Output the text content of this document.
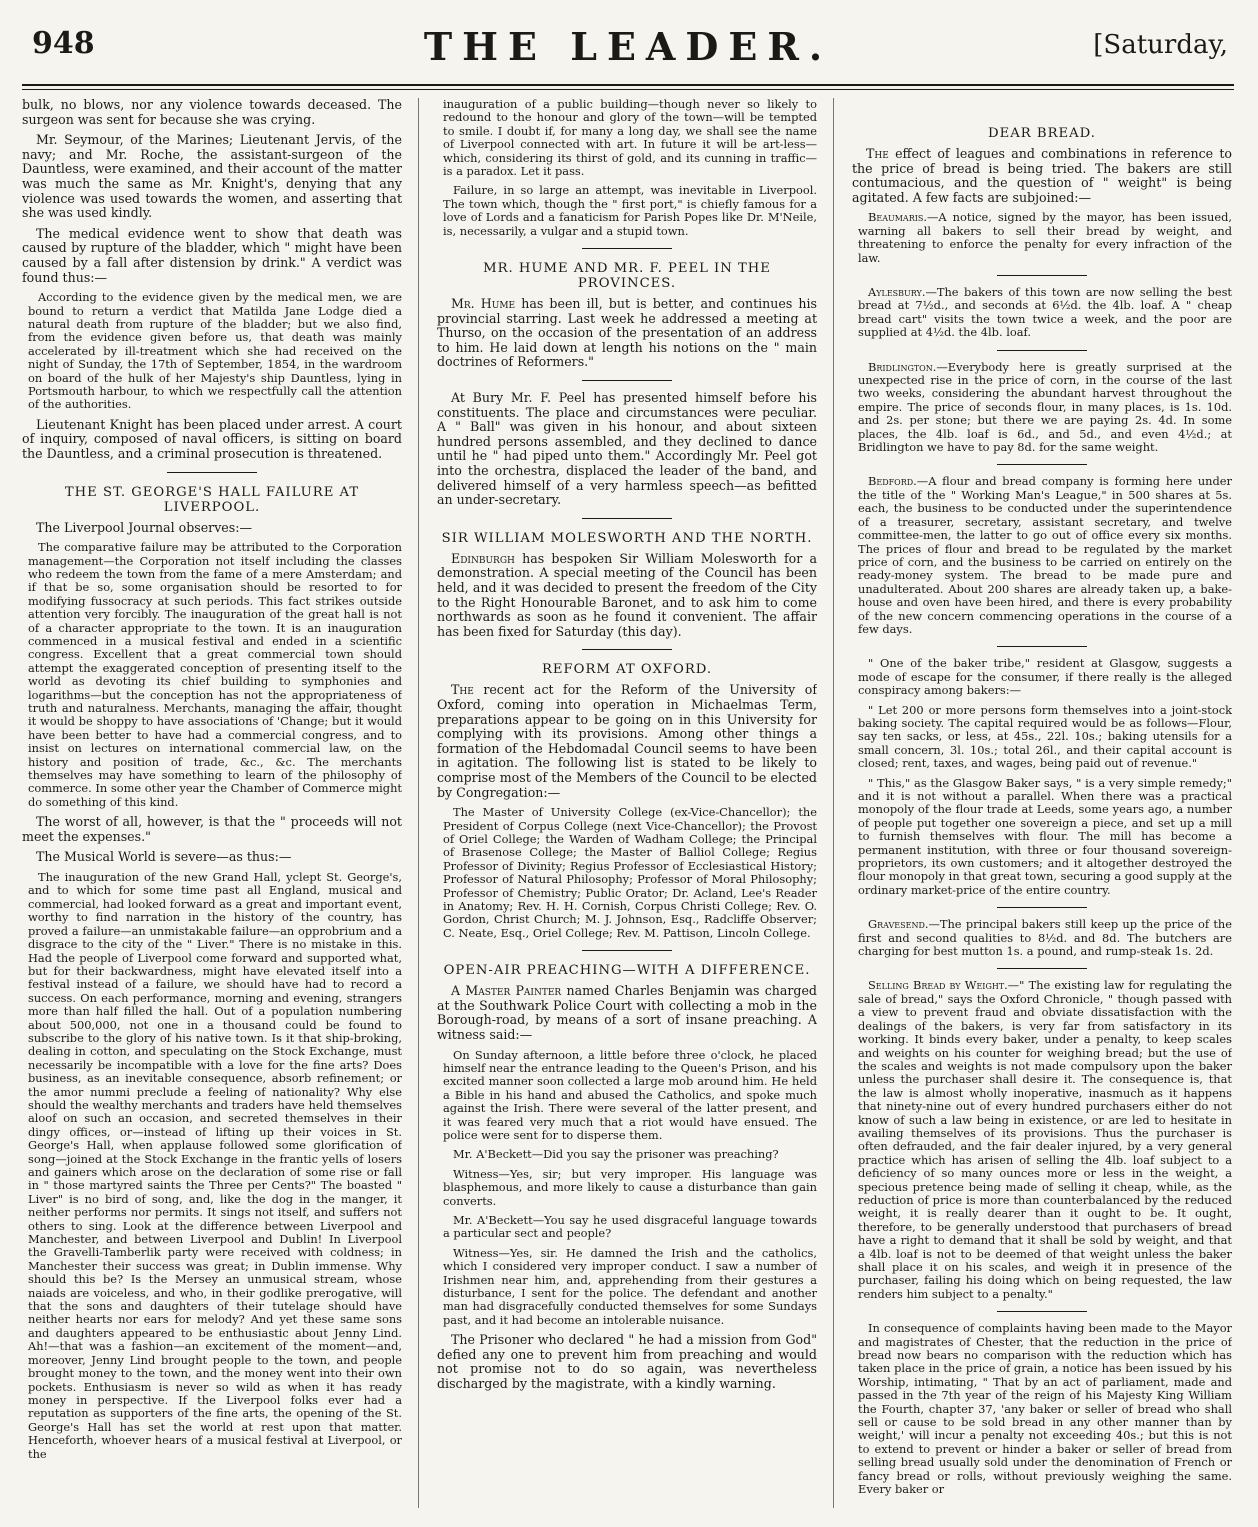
948	THE LEADER.	[Saturday,

bulk, no blows, nor any violence towards deceased. The surgeon was sent for because she was crying.

Mr. Seymour, of the Marines; Lieutenant Jervis, of the navy; and Mr. Roche, the assistant-surgeon of the Dauntless, were examined, and their account of the matter was much the same as Mr. Knight's, denying that any violence was used towards the women, and asserting that she was used kindly.

The medical evidence went to show that death was caused by rupture of the bladder, which " might have been caused by a fall after distension by drink." A verdict was found thus:—

According to the evidence given by the medical men, we are bound to return a verdict that Matilda Jane Lodge died a natural death from rupture of the bladder; but we also find, from the evidence given before us, that death was mainly accelerated by ill-treatment which she had received on the night of Sunday, the 17th of September, 1854, in the wardroom on board of the hulk of her Majesty's ship Dauntless, lying in Portsmouth harbour, to which we respectfully call the attention of the authorities.

Lieutenant Knight has been placed under arrest. A court of inquiry, composed of naval officers, is sitting on board the Dauntless, and a criminal prosecution is threatened.

THE ST. GEORGE'S HALL FAILURE AT LIVERPOOL.

The Liverpool Journal observes:—

The comparative failure may be attributed to the Corporation management—the Corporation not itself including the classes who redeem the town from the fame of a mere Amsterdam; and if that be so, some organisation should be resorted to for modifying fussocracy at such periods. This fact strikes outside attention very forcibly. The inauguration of the great hall is not of a character appropriate to the town. It is an inauguration commenced in a musical festival and ended in a scientific congress. Excellent that a great commercial town should attempt the exaggerated conception of presenting itself to the world as devoting its chief building to symphonies and logarithms—but the conception has not the appropriateness of truth and naturalness. Merchants, managing the affair, thought it would be shoppy to have associations of 'Change; but it would have been better to have had a commercial congress, and to insist on lectures on international commercial law, on the history and position of trade, &c., &c. The merchants themselves may have something to learn of the philosophy of commerce. In some other year the Chamber of Commerce might do something of this kind.

The worst of all, however, is that the " proceeds will not meet the expenses."

The Musical World is severe—as thus:—

The inauguration of the new Grand Hall, yclept St. George's, and to which for some time past all England, musical and commercial, had looked forward as a great and important event, worthy to find narration in the history of the country, has proved a failure—an unmistakable failure—an opprobrium and a disgrace to the city of the " Liver." There is no mistake in this. Had the people of Liverpool come forward and supported what, but for their backwardness, might have elevated itself into a festival instead of a failure, we should have had to record a success. On each performance, morning and evening, strangers more than half filled the hall. Out of a population numbering about 500,000, not one in a thousand could be found to subscribe to the glory of his native town. Is it that ship-broking, dealing in cotton, and speculating on the Stock Exchange, must necessarily be incompatible with a love for the fine arts? Does business, as an inevitable consequence, absorb refinement; or the amor nummi preclude a feeling of nationality? Why else should the wealthy merchants and traders have held themselves aloof on such an occasion, and secreted themselves in their dingy offices, or—instead of lifting up their voices in St. George's Hall, when applause followed some glorification of song—joined at the Stock Exchange in the frantic yells of losers and gainers which arose on the declaration of some rise or fall in " those martyred saints the Three per Cents?" The boasted " Liver" is no bird of song, and, like the dog in the manger, it neither performs nor permits. It sings not itself, and suffers not others to sing. Look at the difference between Liverpool and Manchester, and between Liverpool and Dublin! In Liverpool the Gravelli-Tamberlik party were received with coldness; in Manchester their success was great; in Dublin immense. Why should this be? Is the Mersey an unmusical stream, whose naiads are voiceless, and who, in their godlike prerogative, will that the sons and daughters of their tutelage should have neither hearts nor ears for melody? And yet these same sons and daughters appeared to be enthusiastic about Jenny Lind. Ah!—that was a fashion—an excitement of the moment—and, moreover, Jenny Lind brought people to the town, and people brought money to the town, and the money went into their own pockets. Enthusiasm is never so wild as when it has ready money in perspective. If the Liverpool folks ever had a reputation as supporters of the fine arts, the opening of the St. George's Hall has set the world at rest upon that matter. Henceforth, whoever hears of a musical festival at Liverpool, or the

inauguration of a public building—though never so likely to redound to the honour and glory of the town—will be tempted to smile. I doubt if, for many a long day, we shall see the name of Liverpool connected with art. In future it will be art-less—which, considering its thirst of gold, and its cunning in traffic—is a paradox. Let it pass.

Failure, in so large an attempt, was inevitable in Liverpool. The town which, though the " first port," is chiefly famous for a love of Lords and a fanaticism for Parish Popes like Dr. M'Neile, is, necessarily, a vulgar and a stupid town.

MR. HUME AND MR. F. PEEL IN THE PROVINCES.

Mr. Hume has been ill, but is better, and continues his provincial starring. Last week he addressed a meeting at Thurso, on the occasion of the presentation of an address to him. He laid down at length his notions on the " main doctrines of Reformers."

At Bury Mr. F. Peel has presented himself before his constituents. The place and circumstances were peculiar. A " Ball" was given in his honour, and about sixteen hundred persons assembled, and they declined to dance until he " had piped unto them." Accordingly Mr. Peel got into the orchestra, displaced the leader of the band, and delivered himself of a very harmless speech—as befitted an under-secretary.

SIR WILLIAM MOLESWORTH AND THE NORTH.

Edinburgh has bespoken Sir William Molesworth for a demonstration. A special meeting of the Council has been held, and it was decided to present the freedom of the City to the Right Honourable Baronet, and to ask him to come northwards as soon as he found it convenient. The affair has been fixed for Saturday (this day).

REFORM AT OXFORD.

The recent act for the Reform of the University of Oxford, coming into operation in Michaelmas Term, preparations appear to be going on in this University for complying with its provisions. Among other things a formation of the Hebdomadal Council seems to have been in agitation. The following list is stated to be likely to comprise most of the Members of the Council to be elected by Congregation:—

The Master of University College (ex-Vice-Chancellor); the President of Corpus College (next Vice-Chancellor); the Provost of Oriel College; the Warden of Wadham College; the Principal of Brasenose College; the Master of Balliol College; Regius Professor of Divinity; Regius Professor of Ecclesiastical History; Professor of Natural Philosophy; Professor of Moral Philosophy; Professor of Chemistry; Public Orator; Dr. Acland, Lee's Reader in Anatomy; Rev. H. H. Cornish, Corpus Christi College; Rev. O. Gordon, Christ Church; M. J. Johnson, Esq., Radcliffe Observer; C. Neate, Esq., Oriel College; Rev. M. Pattison, Lincoln College.

OPEN-AIR PREACHING—WITH A DIFFERENCE.

A Master Painter named Charles Benjamin was charged at the Southwark Police Court with collecting a mob in the Borough-road, by means of a sort of insane preaching. A witness said:—

On Sunday afternoon, a little before three o'clock, he placed himself near the entrance leading to the Queen's Prison, and his excited manner soon collected a large mob around him. He held a Bible in his hand and abused the Catholics, and spoke much against the Irish. There were several of the latter present, and it was feared very much that a riot would have ensued. The police were sent for to disperse them.

Mr. A'Beckett—Did you say the prisoner was preaching?

Witness—Yes, sir; but very improper. His language was blasphemous, and more likely to cause a disturbance than gain converts.

Mr. A'Beckett—You say he used disgraceful language towards a particular sect and people?

Witness—Yes, sir. He damned the Irish and the catholics, which I considered very improper conduct. I saw a number of Irishmen near him, and, apprehending from their gestures a disturbance, I sent for the police. The defendant and another man had disgracefully conducted themselves for some Sundays past, and it had become an intolerable nuisance.

The Prisoner who declared " he had a mission from God" defied any one to prevent him from preaching and would not promise not to do so again, was nevertheless discharged by the magistrate, with a kindly warning.

DEAR BREAD.

The effect of leagues and combinations in reference to the price of bread is being tried. The bakers are still contumacious, and the question of " weight" is being agitated. A few facts are subjoined:—

Beaumaris.—A notice, signed by the mayor, has been issued, warning all bakers to sell their bread by weight, and threatening to enforce the penalty for every infraction of the law.

Aylesbury.—The bakers of this town are now selling the best bread at 7½d., and seconds at 6½d. the 4lb. loaf. A " cheap bread cart" visits the town twice a week, and the poor are supplied at 4½d. the 4lb. loaf.

Bridlington.—Everybody here is greatly surprised at the unexpected rise in the price of corn, in the course of the last two weeks, considering the abundant harvest throughout the empire. The price of seconds flour, in many places, is 1s. 10d. and 2s. per stone; but there we are paying 2s. 4d. In some places, the 4lb. loaf is 6d., and 5d., and even 4½d.; at Bridlington we have to pay 8d. for the same weight.

Bedford.—A flour and bread company is forming here under the title of the " Working Man's League," in 500 shares at 5s. each, the business to be conducted under the superintendence of a treasurer, secretary, assistant secretary, and twelve committee-men, the latter to go out of office every six months. The prices of flour and bread to be regulated by the market price of corn, and the business to be carried on entirely on the ready-money system. The bread to be made pure and unadulterated. About 200 shares are already taken up, a bake-house and oven have been hired, and there is every probability of the new concern commencing operations in the course of a few days.

" One of the baker tribe," resident at Glasgow, suggests a mode of escape for the consumer, if there really is the alleged conspiracy among bakers:—

" Let 200 or more persons form themselves into a joint-stock baking society. The capital required would be as follows—Flour, say ten sacks, or less, at 45s., 22l. 10s.; baking utensils for a small concern, 3l. 10s.; total 26l., and their capital account is closed; rent, taxes, and wages, being paid out of revenue."

" This," as the Glasgow Baker says, " is a very simple remedy;" and it is not without a parallel. When there was a practical monopoly of the flour trade at Leeds, some years ago, a number of people put together one sovereign a piece, and set up a mill to furnish themselves with flour. The mill has become a permanent institution, with three or four thousand sovereign-proprietors, its own customers; and it altogether destroyed the flour monopoly in that great town, securing a good supply at the ordinary market-price of the entire country.

Gravesend.—The principal bakers still keep up the price of the first and second qualities to 8½d. and 8d. The butchers are charging for best mutton 1s. a pound, and rump-steak 1s. 2d.

Selling Bread by Weight.—" The existing law for regulating the sale of bread," says the Oxford Chronicle, " though passed with a view to prevent fraud and obviate dissatisfaction with the dealings of the bakers, is very far from satisfactory in its working. It binds every baker, under a penalty, to keep scales and weights on his counter for weighing bread; but the use of the scales and weights is not made compulsory upon the baker unless the purchaser shall desire it. The consequence is, that the law is almost wholly inoperative, inasmuch as it happens that ninety-nine out of every hundred purchasers either do not know of such a law being in existence, or are led to hesitate in availing themselves of its provisions. Thus the purchaser is often defrauded, and the fair dealer injured, by a very general practice which has arisen of selling the 4lb. loaf subject to a deficiency of so many ounces more or less in the weight, a specious pretence being made of selling it cheap, while, as the reduction of price is more than counterbalanced by the reduced weight, it is really dearer than it ought to be. It ought, therefore, to be generally understood that purchasers of bread have a right to demand that it shall be sold by weight, and that a 4lb. loaf is not to be deemed of that weight unless the baker shall place it on his scales, and weigh it in presence of the purchaser, failing his doing which on being requested, the law renders him subject to a penalty."

In consequence of complaints having been made to the Mayor and magistrates of Chester, that the reduction in the price of bread now bears no comparison with the reduction which has taken place in the price of grain, a notice has been issued by his Worship, intimating, " That by an act of parliament, made and passed in the 7th year of the reign of his Majesty King William the Fourth, chapter 37, 'any baker or seller of bread who shall sell or cause to be sold bread in any other manner than by weight,' will incur a penalty not exceeding 40s.; but this is not to extend to prevent or hinder a baker or seller of bread from selling bread usually sold under the denomination of French or fancy bread or rolls, without previously weighing the same. Every baker or
